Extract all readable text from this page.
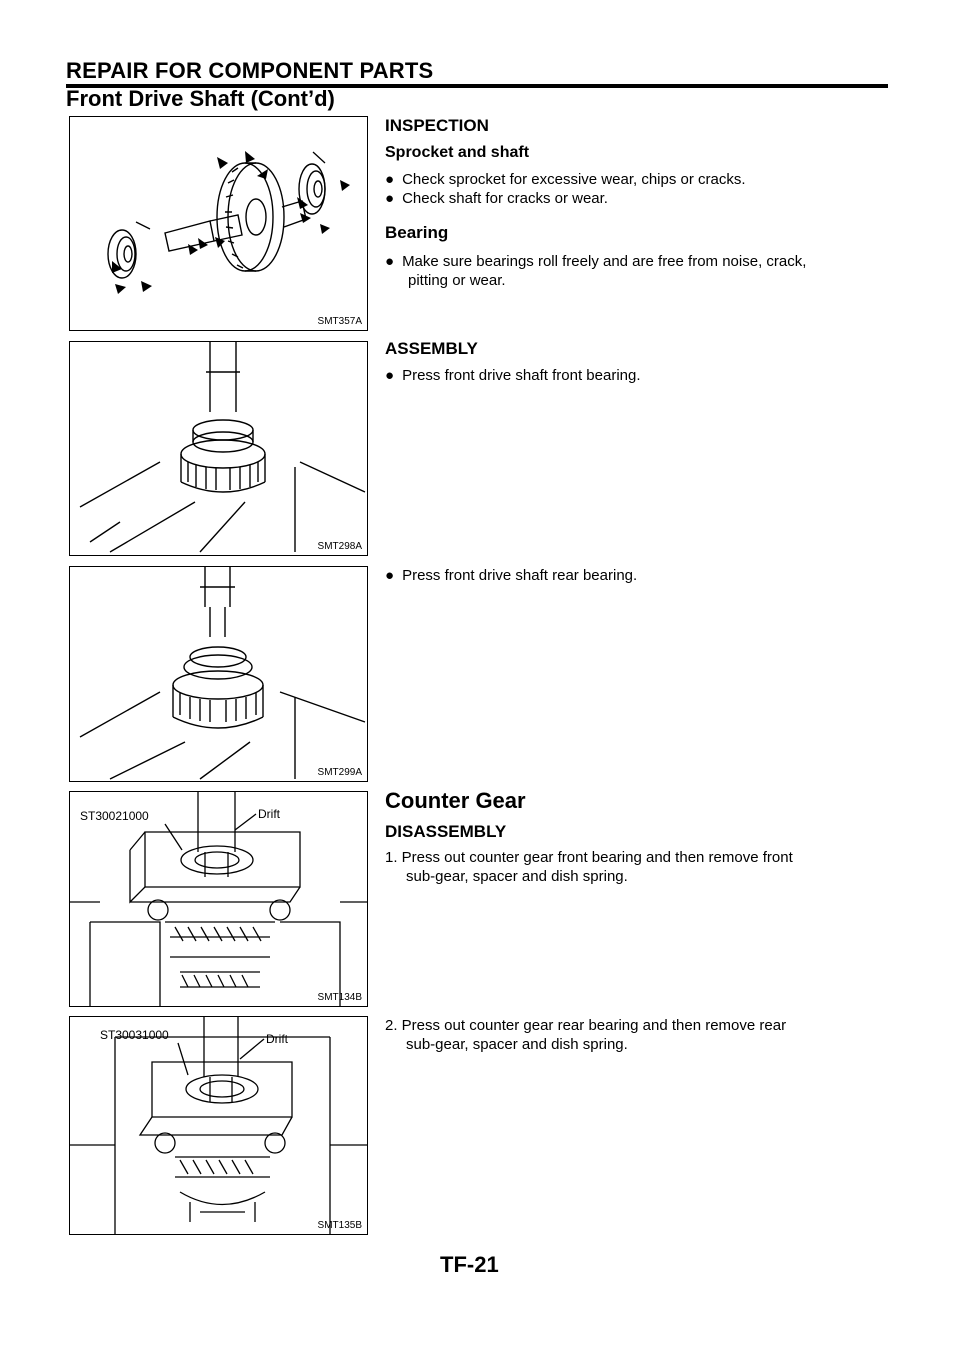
REPAIR FOR COMPONENT PARTS
Front Drive Shaft (Cont’d)
SMT357A
SMT298A
SMT299A
ST30021000	Drift
SMT134B
ST30031000	Drift
SMT135B
INSPECTION
Sprocket and shaft
● Check sprocket for excessive wear, chips or cracks.
● Check shaft for cracks or wear.
Bearing
● Make sure bearings roll freely and are free from noise, crack,
pitting or wear.
ASSEMBLY
● Press front drive shaft front bearing.
● Press front drive shaft rear bearing.
Counter Gear
DISASSEMBLY
1. Press out counter gear front bearing and then remove front
sub-gear, spacer and dish spring.
2. Press out counter gear rear bearing and then remove rear
sub-gear, spacer and dish spring.
TF-21
